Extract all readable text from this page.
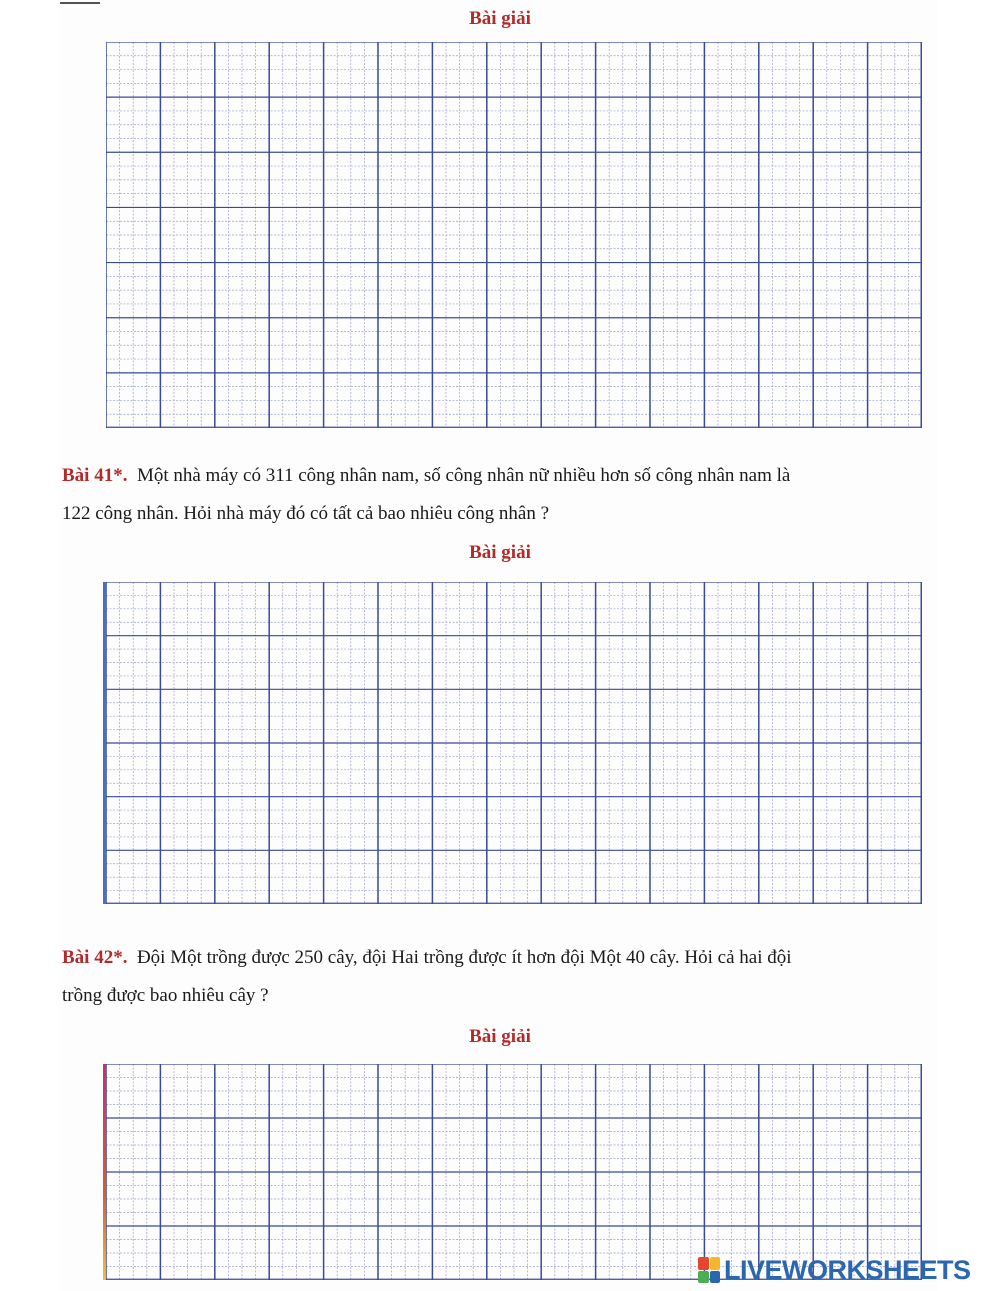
Bài giải
Bài 41*. Một nhà máy có 311 công nhân nam, số công nhân nữ nhiều hơn số công nhân nam là
122 công nhân. Hỏi nhà máy đó có tất cả bao nhiêu công nhân ?
Bài giải
Bài 42*. Đội Một trồng được 250 cây, đội Hai trồng được ít hơn đội Một 40 cây. Hỏi cả hai đội
trồng được bao nhiêu cây ?
Bài giải
LIVEWORKSHEETS
